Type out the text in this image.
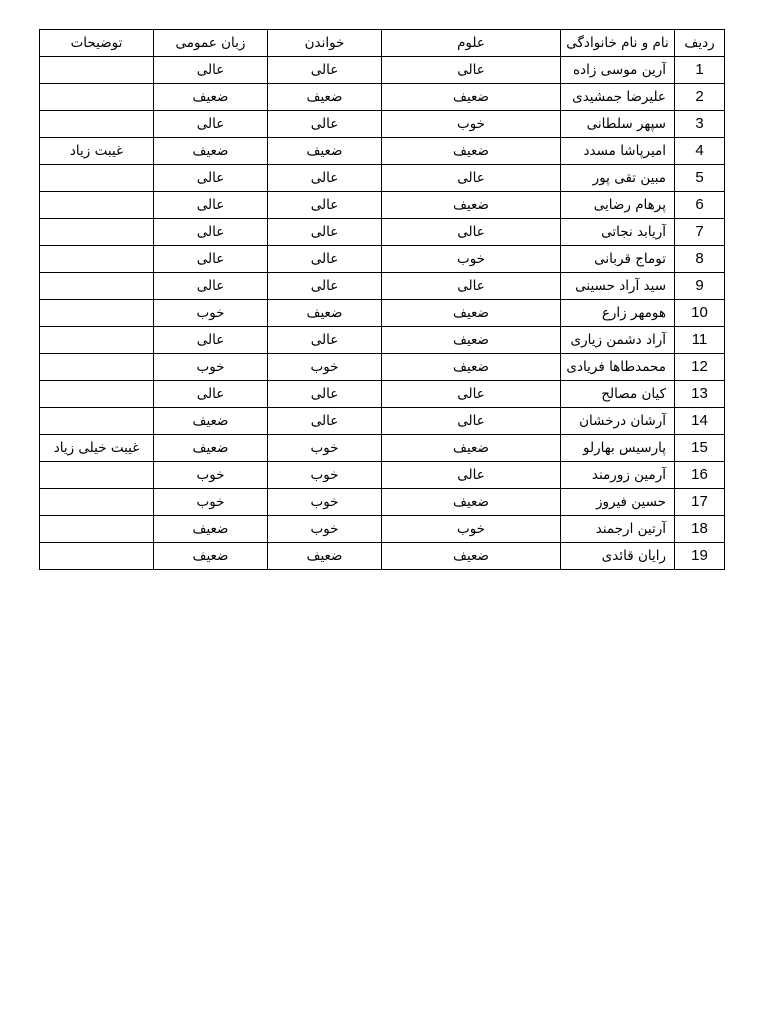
ردیف	نام و نام خانوادگی	علوم	خواندن	زبان عمومی	توضیحات
1	آرین موسی زاده	عالی	عالی	عالی	
2	علیرضا جمشیدی	ضعیف	ضعیف	ضعیف	
3	سپهر سلطانی	خوب	عالی	عالی	
4	امیرپاشا مسدد	ضعیف	ضعیف	ضعیف	غیبت زیاد
5	مبین تقی پور	عالی	عالی	عالی	
6	پرهام رضایی	ضعیف	عالی	عالی	
7	آریابد نجاتی	عالی	عالی	عالی	
8	توماج قربانی	خوب	عالی	عالی	
9	سید آراد حسینی	عالی	عالی	عالی	
10	هومهر زارع	ضعیف	ضعیف	خوب	
11	آراد دشمن زیاری	ضعیف	عالی	عالی	
12	محمدطاها فریادی	ضعیف	خوب	خوب	
13	کیان مصالح	عالی	عالی	عالی	
14	آرشان درخشان	عالی	عالی	ضعیف	
15	پارسیس بهارلو	ضعیف	خوب	ضعیف	غیبت خیلی زیاد
16	آرمین زورمند	عالی	خوب	خوب	
17	حسین فیروز	ضعیف	خوب	خوب	
18	آرتین ارجمند	خوب	خوب	ضعیف	
19	رایان قائدی	ضعیف	ضعیف	ضعیف	
